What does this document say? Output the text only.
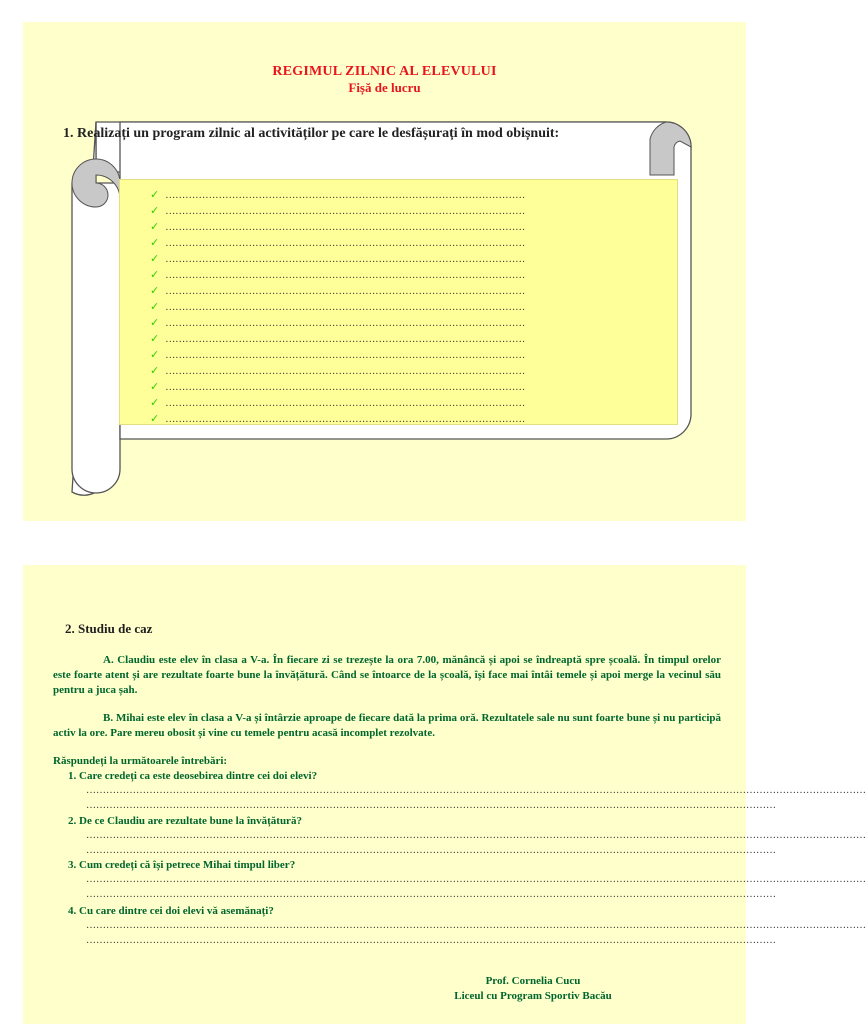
REGIMUL ZILNIC AL ELEVULUI
Fișă de lucru
1. Realizați un program zilnic al activităților pe care le desfășurați în mod obișnuit:
✓ ………………………………………………………………………………………………
✓ ………………………………………………………………………………………………
✓ ………………………………………………………………………………………………
✓ ………………………………………………………………………………………………
✓ ………………………………………………………………………………………………
✓ ………………………………………………………………………………………………
✓ ………………………………………………………………………………………………
✓ ………………………………………………………………………………………………
✓ ………………………………………………………………………………………………
✓ ………………………………………………………………………………………………
✓ ………………………………………………………………………………………………
✓ ………………………………………………………………………………………………
✓ ………………………………………………………………………………………………
✓ ………………………………………………………………………………………………
✓ ………………………………………………………………………………………………
2. Studiu de caz
A. Claudiu este elev în clasa a V-a. În fiecare zi se trezește la ora 7.00, mănâncă și apoi se îndreaptă spre școală. În timpul orelor este foarte atent și are rezultate foarte bune la învățătură. Când se întoarce de la școală, își face mai întâi temele și apoi merge la vecinul său pentru a juca șah.
B. Mihai este elev în clasa a V-a și întârzie aproape de fiecare dată la prima oră. Rezultatele sale nu sunt foarte bune și nu participă activ la ore. Pare mereu obosit și vine cu temele pentru acasă incomplet rezolvate.
Răspundeți la următoarele întrebări:
1. Care credeți ca este deosebirea dintre cei doi elevi?
………………………………………………………………………………………………………………………………………………………………………………………………………………
………………………………………………………………………………………………………………………………………………………………………………………
2. De ce Claudiu are rezultate bune la învățătură?
………………………………………………………………………………………………………………………………………………………………………………………………………………
………………………………………………………………………………………………………………………………………………………………………………………
3. Cum credeți că își petrece Mihai timpul liber?
………………………………………………………………………………………………………………………………………………………………………………………………………………
………………………………………………………………………………………………………………………………………………………………………………………
4. Cu care dintre cei doi elevi vă asemănați?
………………………………………………………………………………………………………………………………………………………………………………………………………………
………………………………………………………………………………………………………………………………………………………………………………………
Prof. Cornelia Cucu
Liceul cu Program Sportiv Bacău
